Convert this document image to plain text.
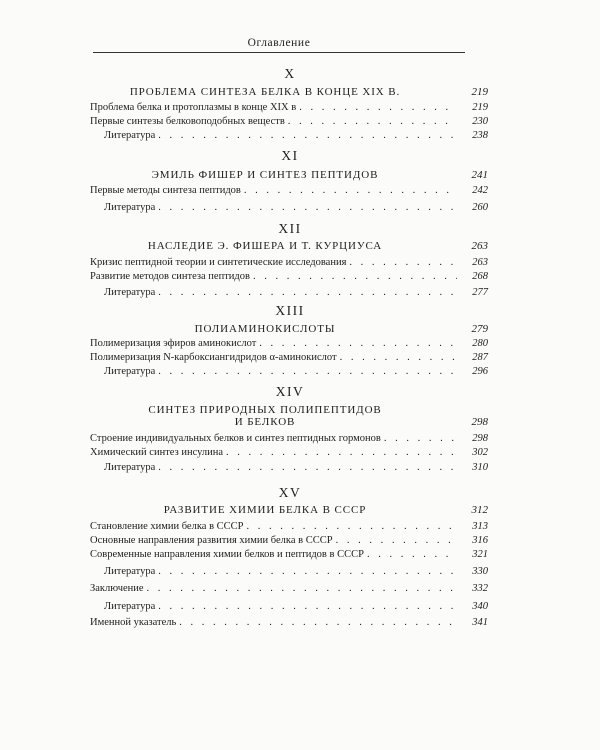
Оглавление
X
ПРОБЛЕМА СИНТЕЗА БЕЛКА В КОНЦЕ XIX В.	219
Проблема белка и протоплазмы в конце XIX в . . .	219
Первые синтезы белковоподобных веществ . . .	230
Литература . . .	238
XI
ЭМИЛЬ ФИШЕР И СИНТЕЗ ПЕПТИДОВ	241
Первые методы синтеза пептидов . . .	242
Литература . . .	260
XII
НАСЛЕДИЕ Э. ФИШЕРА И Т. КУРЦИУСА	263
Кризис пептидной теории и синтетические исследования . . .	263
Развитие методов синтеза пептидов . . .	268
Литература . . .	277
XIII
ПОЛИАМИНОКИСЛОТЫ	279
Полимеризация эфиров аминокислот . . .	280
Полимеризация N-карбоксиангидридов α-аминокислот . . .	287
Литература . . .	296
XIV
СИНТЕЗ ПРИРОДНЫХ ПОЛИПЕПТИДОВ
И БЕЛКОВ	298
Строение индивидуальных белков и синтез пептидных гормонов . . .	298
Химический синтез инсулина . . .	302
Литература . . .	310
XV
РАЗВИТИЕ ХИМИИ БЕЛКА В СССР	312
Становление химии белка в СССР . . .	313
Основные направления развития химии белка в СССР . . .	316
Современные направления химии белков и пептидов в СССР . . .	321
Литература . . .	330
Заключение . . .	332
Литература . . .	340
Именной указатель . . .	341
